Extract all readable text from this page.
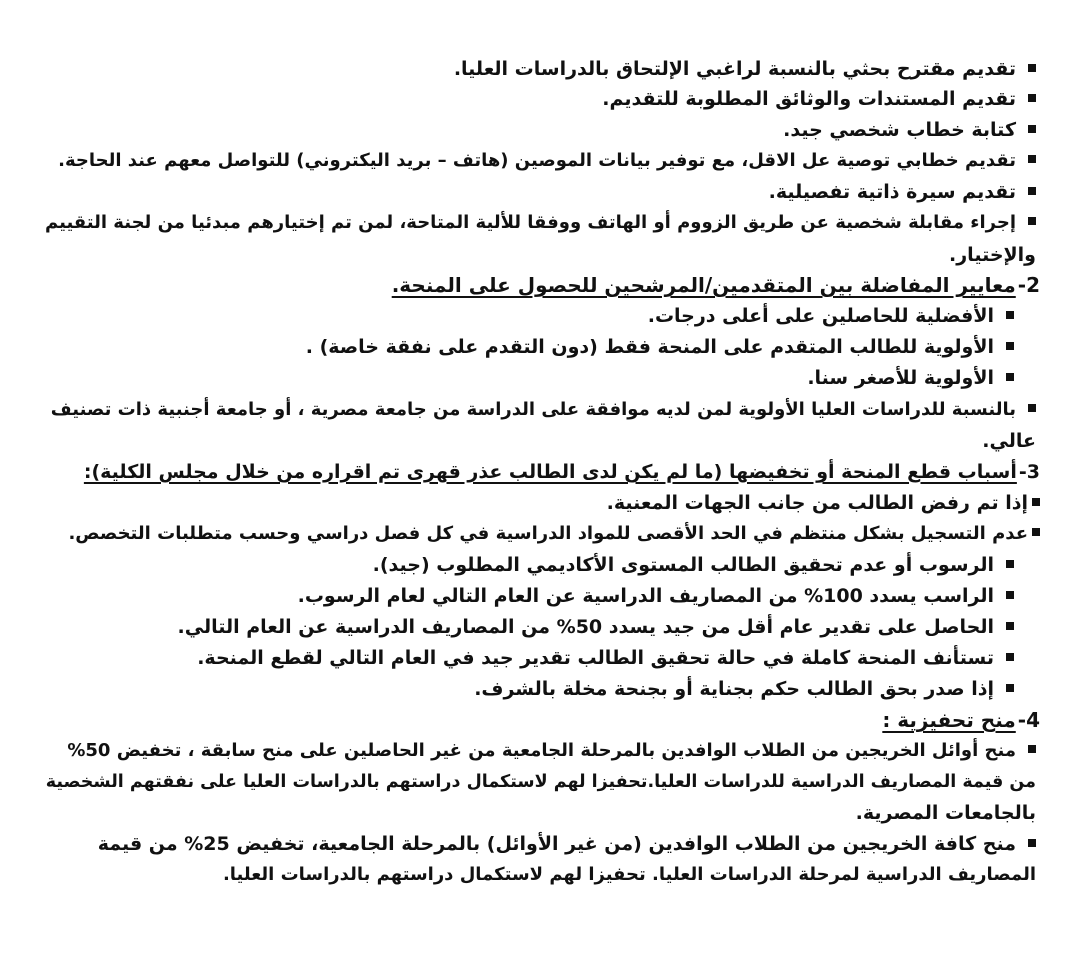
تقديم مقترح بحثي بالنسبة لراغبي الإلتحاق بالدراسات العليا.
تقديم المستندات والوثائق المطلوبة للتقديم.
كتابة خطاب شخصي جيد.
تقديم خطابي توصية عل الاقل، مع توفير بيانات الموصين (هاتف – بريد اليكتروني) للتواصل معهم عند الحاجة.
تقديم سيرة ذاتية تفصيلية.
إجراء مقابلة شخصية عن طريق الزووم أو الهاتف ووفقا للألية المتاحة، لمن تم إختيارهم مبدئيا من لجنة التقييم
والإختيار.
2-معايير المفاضلة بين المتقدمين/المرشحين للحصول على المنحة.
الأفضلية للحاصلين على أعلى درجات.
الأولوية للطالب المتقدم على المنحة فقط (دون التقدم على نفقة خاصة) .
الأولوية للأصغر سنا.
بالنسبة للدراسات العليا الأولوية لمن لديه موافقة على الدراسة من جامعة مصرية ، أو جامعة أجنبية ذات تصنيف
عالي.
3-أسباب قطع المنحة أو تخفيضها (ما لم يكن لدى الطالب عذر قهرى تم اقراره من خلال مجلس الكلية):
إذا تم رفض الطالب من جانب الجهات المعنية.
عدم التسجيل بشكل منتظم في الحد الأقصى للمواد الدراسية في كل فصل دراسي وحسب متطلبات التخصص.
الرسوب أو عدم تحقيق الطالب المستوى الأكاديمي المطلوب (جيد).
الراسب يسدد 100% من المصاريف الدراسية عن العام التالي لعام الرسوب.
الحاصل على تقدير عام أقل من جيد يسدد 50% من المصاريف الدراسية عن العام التالي.
تستأنف المنحة كاملة في حالة تحقيق الطالب تقدير جيد في العام التالي لقطع المنحة.
إذا صدر بحق الطالب حكم بجناية أو بجنحة مخلة بالشرف.
4-منح تحفيزية :
منح أوائل الخريجين من الطلاب الوافدين بالمرحلة الجامعية من غير الحاصلين على منح سابقة ، تخفيض 50%
من قيمة المصاريف الدراسية للدراسات العليا.تحفيزا لهم لاستكمال دراستهم بالدراسات العليا على نفقتهم الشخصية
بالجامعات المصرية.
منح كافة الخريجين من الطلاب الوافدين (من غير الأوائل) بالمرحلة الجامعية، تخفيض 25% من قيمة
المصاريف الدراسية لمرحلة الدراسات العليا. تحفيزا لهم لاستكمال دراستهم بالدراسات العليا.
